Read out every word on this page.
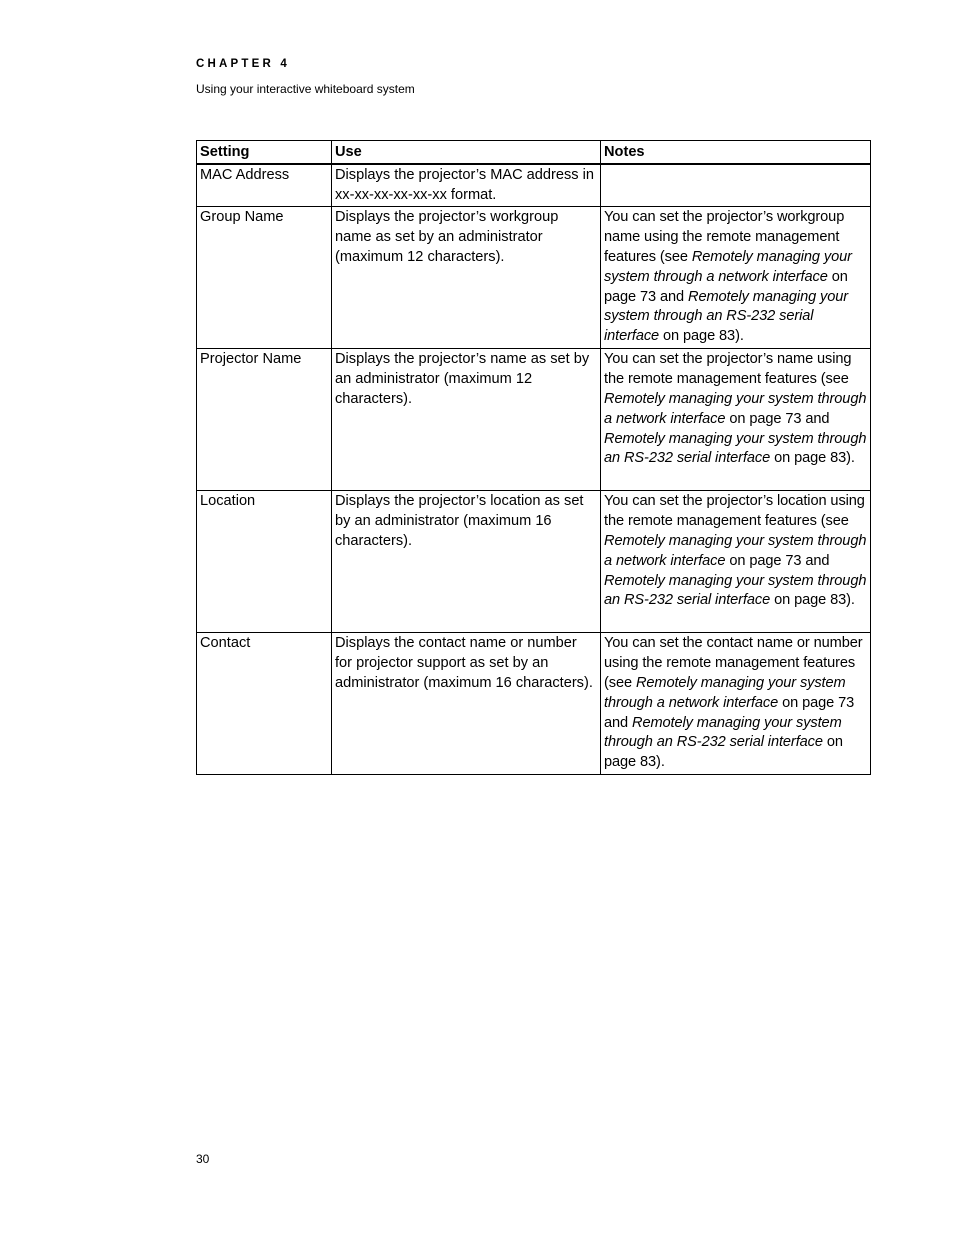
CHAPTER 4

Using your interactive whiteboard system

Setting	Use	Notes
MAC Address	Displays the projector’s MAC address in xx-xx-xx-xx-xx-xx format.	
Group Name	Displays the projector’s workgroup name as set by an administrator (maximum 12 characters).	You can set the projector’s workgroup name using the remote management features (see Remotely managing your system through a network interface on page 73 and Remotely managing your system through an RS-232 serial interface on page 83).
Projector Name	Displays the projector’s name as set by an administrator (maximum 12 characters).	You can set the projector’s name using the remote management features (see Remotely managing your system through a network interface on page 73 and Remotely managing your system through an RS-232 serial interface on page 83).
Location	Displays the projector’s location as set by an administrator (maximum 16 characters).	You can set the projector’s location using the remote management features (see Remotely managing your system through a network interface on page 73 and Remotely managing your system through an RS-232 serial interface on page 83).
Contact	Displays the contact name or number for projector support as set by an administrator (maximum 16 characters).	You can set the contact name or number using the remote management features (see Remotely managing your system through a network interface on page 73 and Remotely managing your system through an RS-232 serial interface on page 83).

30
